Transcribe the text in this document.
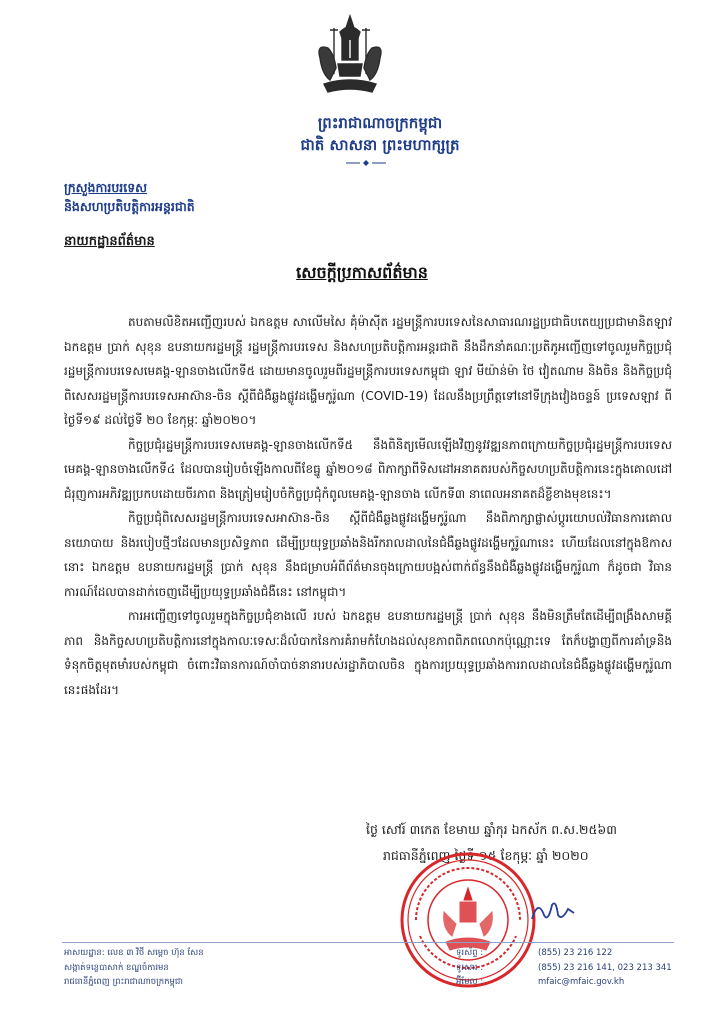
ព្រះរាជាណាចក្រកម្ពុជា
ជាតិ សាសនា ព្រះមហាក្សត្រ
ក្រសួងការបរទេស
និងសហប្រតិបត្តិការអន្តរជាតិ
នាយកដ្ឋានព័ត៌មាន
សេចក្តីប្រកាសព័ត៌មាន

តបតាមលិខិតអញ្ជើញរបស់ ឯកឧត្តម សាលើមសៃ គុំម៉ាស៊ីត រដ្ឋមន្ត្រីការបរទេសនៃសាធារណរដ្ឋប្រជាធិបតេយ្យប្រជាមានិតឡាវ ឯកឧត្តម ប្រាក់ សុខុន ឧបនាយករដ្ឋមន្ត្រី រដ្ឋមន្ត្រីការបរទេស និងសហប្រតិបត្តិការអន្តរជាតិ នឹងដឹកនាំគណៈប្រតិភូអញ្ជើញទៅចូលរួមកិច្ចប្រជុំរដ្ឋមន្ត្រីការបរទេសមេគង្គ-ឡានចាងលើកទី៥ ដោយមានចូលរួមពីរដ្ឋមន្ត្រីការបរទេសកម្ពុជា ឡាវ មីយ៉ាន់ម៉ា ថៃ វៀតណាម និងចិន និងកិច្ចប្រជុំពិសេសរដ្ឋមន្ត្រីការបរទេសអាស៊ាន-ចិន ស្តីពីជំងឺឆ្លងផ្លូវដង្ហើមកូរ៉ូណា (COVID-19) ដែលនឹងប្រព្រឹត្តទៅនៅទីក្រុងវៀងចន្ទន៍ ប្រទេសឡាវ ពីថ្ងៃទី១៩ ដល់ថ្ងៃទី ២០ ខែកុម្ភៈ ឆ្នាំ២០២០។

កិច្ចប្រជុំរដ្ឋមន្ត្រីការបរទេសមេគង្គ-ឡានចាងលើកទី៥ នឹងពិនិត្យមើលឡើងវិញនូវវឌ្ឍនភាពក្រោយកិច្ចប្រជុំរដ្ឋមន្ត្រីការបរទេសមេគង្គ-ឡានចាងលើកទី៤ ដែលបានរៀបចំឡើងកាលពីខែធ្នូ ឆ្នាំ២០១៨ ពិភាក្សាពីទិសដៅអនាគតរបស់កិច្ចសហប្រតិបត្តិការនេះក្នុងគោលដៅជំរុញការអភិវឌ្ឍប្រកបដោយចីរភាព និងត្រៀមរៀបចំកិច្ចប្រជុំកំពូលមេគង្គ-ឡានចាង លើកទី៣ នាពេលអនាគតដ៏ខ្លីខាងមុខនេះ។

កិច្ចប្រជុំពិសេសរដ្ឋមន្ត្រីការបរទេសអាស៊ាន-ចិន ស្តីពីជំងឺឆ្លងផ្លូវដង្ហើមកូរ៉ូណា នឹងពិភាក្សាផ្លាស់ប្តូរយោបល់វិធានការគោលនយោបាយ និងរបៀបថ្មីៗដែលមានប្រសិទ្ធភាព ដើម្បីប្រយុទ្ធប្រឆាំងនិងរីករាលដាលនៃជំងឺឆ្លងផ្លូវដង្ហើមកូរ៉ូណានេះ ហើយដែលនៅក្នុងឱកាសនោះ ឯកឧត្តម ឧបនាយករដ្ឋមន្ត្រី ប្រាក់ សុខុន នឹងជម្រាបអំពីព័ត៌មានចុងក្រោយបង្អស់ពាក់ព័ន្ធនឹងជំងឺឆ្លងផ្លូវដង្ហើមកូរ៉ូណា ក៏ដូចជា វិធានការណ៍ដែលបានដាក់ចេញដើម្បីប្រយុទ្ធប្រឆាំងជំងឺនេះ នៅកម្ពុជា។

ការអញ្ជើញទៅចូលរួមក្នុងកិច្ចប្រជុំខាងលើ របស់ ឯកឧត្តម ឧបនាយករដ្ឋមន្ត្រី ប្រាក់ សុខុន នឹងមិនត្រឹមតែដើម្បីពង្រឹងសាមគ្គីភាព និងកិច្ចសហប្រតិបត្តិការនៅក្នុងកាលៈទេសៈដ៏លំបាកនៃការគំរាមកំហែងដល់សុខភាពពិភពលោកប៉ុណ្ណោះទេ តែក៏បង្ហាញពីការគាំទ្រនិងទំនុកចិត្តមុតមាំរបស់កម្ពុជា ចំពោះវិធានការណ៍ចាំបាច់នានារបស់រដ្ឋាភិបាលចិន ក្នុងការប្រយុទ្ធប្រឆាំងការរាលដាលនៃជំងឺឆ្លងផ្លូវដង្ហើមកូរ៉ូណានេះផងដែរ។

ថ្ងៃ សៅរ៍ ៣កេត ខែមាឃ ឆ្នាំកុរ ឯកស័ក ព.ស.២៥៦៣
រាជធានីភ្នំពេញ ថ្ងៃទី ១៥ ខែកុម្ភៈ ឆ្នាំ ២០២០
អាសយដ្ឋាន: លេខ ៣ វិថី សម្តេច ហ៊ុន សែន
សង្កាត់ទន្លេបាសាក់ ខណ្ឌចំការមន
រាជធានីភ្នំពេញ ព្រះរាជាណាចក្រកម្ពុជា
ទូរស័ព្ទ :	(855) 23 216 122
ទូរសារ :	(855) 23 216 141, 023 213 341
អ៊ីមែល :	mfaic@mfaic.gov.kh
